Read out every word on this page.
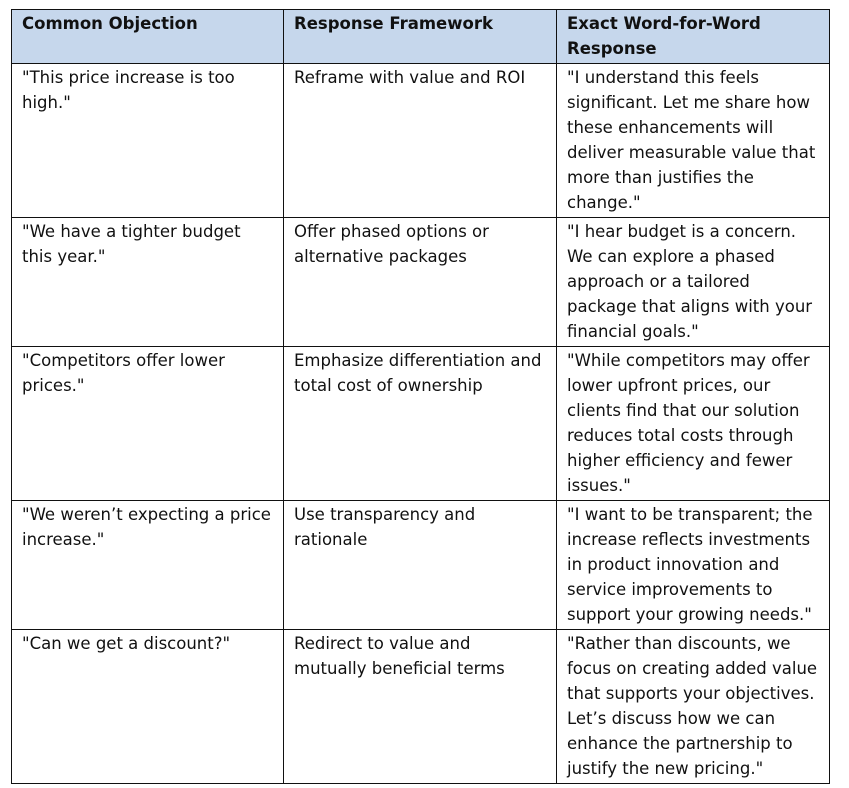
Common Objection	Response Framework	Exact Word-for-Word Response
"This price increase is too high."	Reframe with value and ROI	"I understand this feels significant. Let me share how these enhancements will deliver measurable value that more than justifies the change."
"We have a tighter budget this year."	Offer phased options or alternative packages	"I hear budget is a concern. We can explore a phased approach or a tailored package that aligns with your financial goals."
"Competitors offer lower prices."	Emphasize differentiation and total cost of ownership	"While competitors may offer lower upfront prices, our clients find that our solution reduces total costs through higher efficiency and fewer issues."
"We weren’t expecting a price increase."	Use transparency and rationale	"I want to be transparent; the increase reflects investments in product innovation and service improvements to support your growing needs."
"Can we get a discount?"	Redirect to value and mutually beneficial terms	"Rather than discounts, we focus on creating added value that supports your objectives. Let’s discuss how we can enhance the partnership to justify the new pricing."
